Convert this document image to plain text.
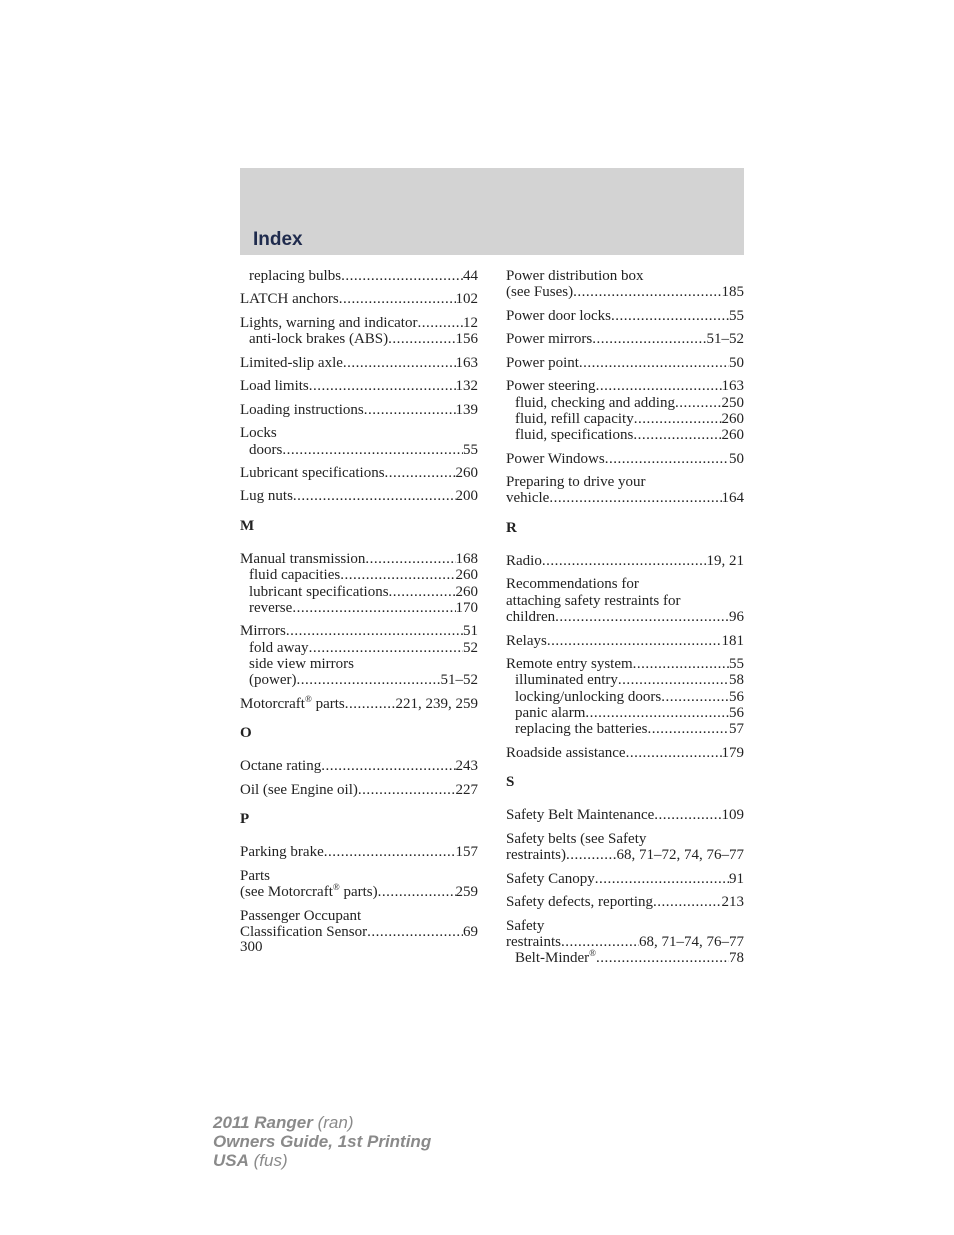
Index
replacing bulbs .....	44
LATCH anchors .....	102
Lights, warning and indicator .....	12
anti-lock brakes (ABS) .....	156
Limited-slip axle .....	163
Load limits .....	132
Loading instructions .....	139
Locks
doors .....	55
Lubricant specifications .....	260
Lug nuts .....	200
M
Manual transmission .....	168
fluid capacities .....	260
lubricant specifications .....	260
reverse .....	170
Mirrors .....	51
fold away .....	52
side view mirrors
(power) .....	51–52
Motorcraft® parts .....	221, 239, 259
O
Octane rating .....	243
Oil (see Engine oil) .....	227
P
Parking brake .....	157
Parts
(see Motorcraft® parts) .....	259
Passenger Occupant
Classification Sensor .....	69
300
Power distribution box
(see Fuses) .....	185
Power door locks .....	55
Power mirrors .....	51–52
Power point .....	50
Power steering .....	163
fluid, checking and adding .....	250
fluid, refill capacity .....	260
fluid, specifications .....	260
Power Windows .....	50
Preparing to drive your
vehicle .....	164
R
Radio .....	19, 21
Recommendations for
attaching safety restraints for
children .....	96
Relays .....	181
Remote entry system .....	55
illuminated entry .....	58
locking/unlocking doors .....	56
panic alarm .....	56
replacing the batteries .....	57
Roadside assistance .....	179
S
Safety Belt Maintenance .....	109
Safety belts (see Safety
restraints) .....	68, 71–72, 74, 76–77
Safety Canopy .....	91
Safety defects, reporting .....	213
Safety
restraints .....	68, 71–74, 76–77
Belt-Minder® .....	78
2011 Ranger (ran)
Owners Guide, 1st Printing
USA (fus)
